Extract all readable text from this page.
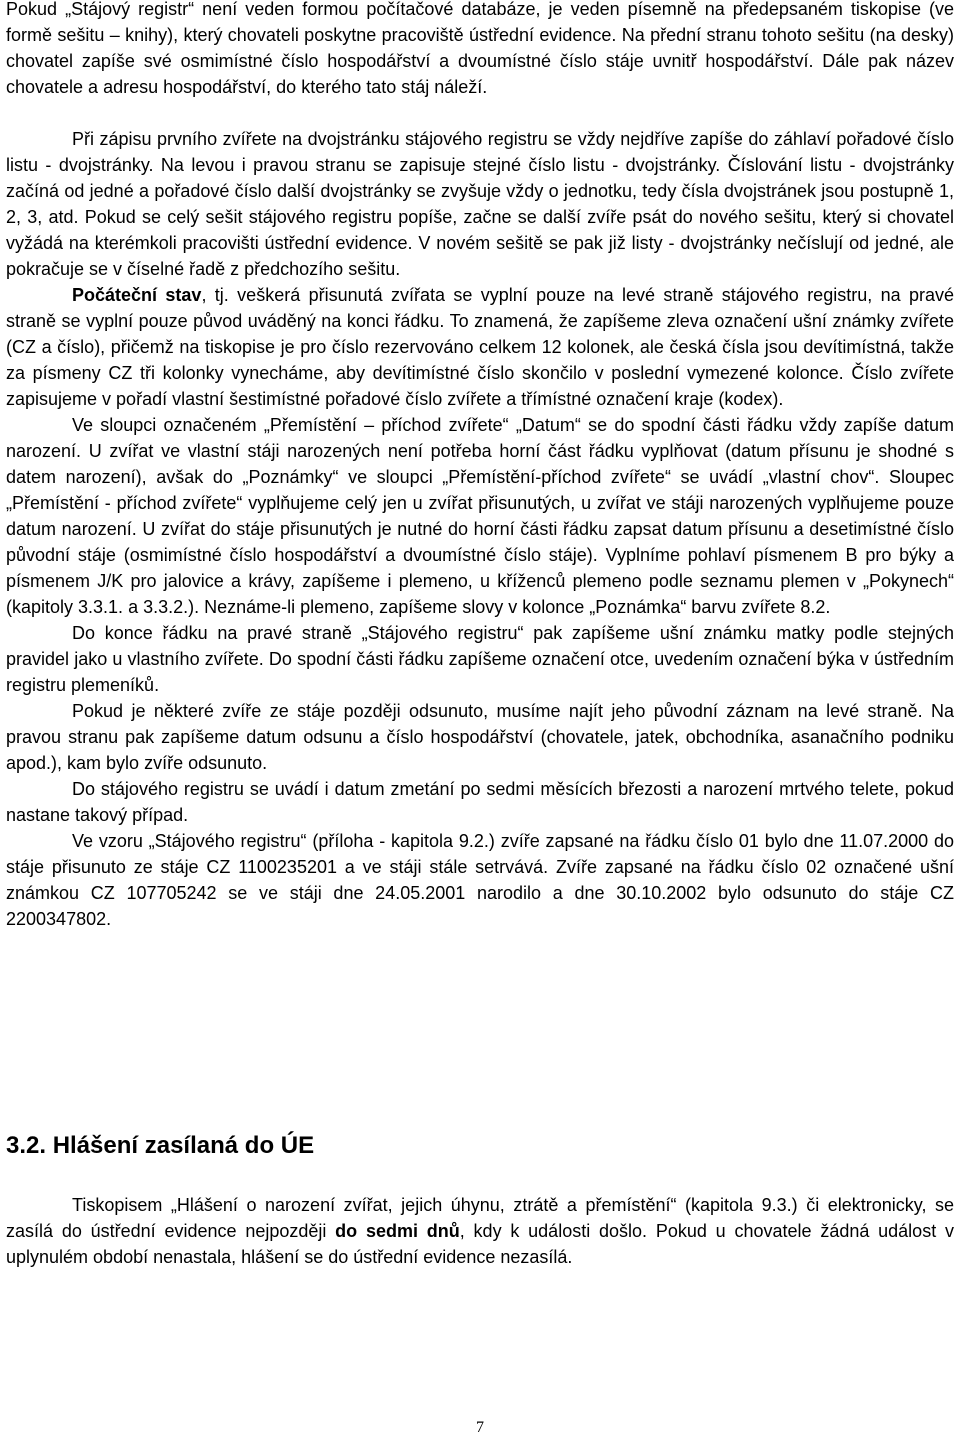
Pokud „Stájový registr“ není veden formou počítačové databáze, je veden písemně na předepsaném tiskopise (ve formě sešitu – knihy), který chovateli poskytne pracoviště ústřední evidence. Na přední stranu tohoto sešitu (na desky) chovatel zapíše své osmimístné číslo hospodářství a dvoumístné číslo stáje uvnitř hospodářství. Dále pak název chovatele a adresu hospodářství, do kterého tato stáj náleží.

Při zápisu prvního zvířete na dvojstránku stájového registru se vždy nejdříve zapíše do záhlaví pořadové číslo listu - dvojstránky. Na levou i pravou stranu se zapisuje stejné číslo listu - dvojstránky. Číslování listu - dvojstránky začíná od jedné a pořadové číslo další dvojstránky se zvyšuje vždy o jednotku, tedy čísla dvojstránek jsou postupně 1, 2, 3, atd. Pokud se celý sešit stájového registru popíše, začne se další zvíře psát do nového sešitu, který si chovatel vyžádá na kterémkoli pracovišti ústřední evidence. V novém sešitě se pak již listy - dvojstránky nečíslují od jedné, ale pokračuje se v číselné řadě z předchozího sešitu.

Počáteční stav, tj. veškerá přisunutá zvířata se vyplní pouze na levé straně stájového registru, na pravé straně se vyplní pouze původ uváděný na konci řádku. To znamená, že zapíšeme zleva označení ušní známky zvířete (CZ a číslo), přičemž na tiskopise je pro číslo rezervováno celkem 12 kolonek, ale česká čísla jsou devítimístná, takže za písmeny CZ tři kolonky vynecháme, aby devítimístné číslo skončilo v poslední vymezené kolonce. Číslo zvířete zapisujeme v pořadí vlastní šestimístné pořadové číslo zvířete a třímístné označení kraje (kodex).

Ve sloupci označeném „Přemístění – příchod zvířete“ „Datum“ se do spodní části řádku vždy zapíše datum narození. U zvířat ve vlastní stáji narozených není potřeba horní část řádku vyplňovat (datum přísunu je shodné s datem narození), avšak do „Poznámky“ ve sloupci „Přemístění-příchod zvířete“ se uvádí „vlastní chov“. Sloupec „Přemístění - příchod zvířete“ vyplňujeme celý jen u zvířat přisunutých, u zvířat ve stáji narozených vyplňujeme pouze datum narození. U zvířat do stáje přisunutých je nutné do horní části řádku zapsat datum přísunu a desetimístné číslo původní stáje (osmimístné číslo hospodářství a dvoumístné číslo stáje). Vyplníme pohlaví písmenem B pro býky a písmenem J/K pro jalovice a krávy, zapíšeme i plemeno, u kříženců plemeno podle seznamu plemen v „Pokynech“ (kapitoly 3.3.1. a 3.3.2.). Neznáme-li plemeno, zapíšeme slovy v kolonce „Poznámka“ barvu zvířete 8.2.

Do konce řádku na pravé straně „Stájového registru“ pak zapíšeme ušní známku matky podle stejných pravidel jako u vlastního zvířete. Do spodní části řádku zapíšeme označení otce, uvedením označení býka v ústředním registru plemeníků.

Pokud je některé zvíře ze stáje později odsunuto, musíme najít jeho původní záznam na levé straně. Na pravou stranu pak zapíšeme datum odsunu a číslo hospodářství (chovatele, jatek, obchodníka, asanačního podniku apod.), kam bylo zvíře odsunuto.

Do stájového registru se uvádí i datum zmetání po sedmi měsících březosti a narození mrtvého telete, pokud nastane takový případ.

Ve vzoru „Stájového registru“ (příloha - kapitola 9.2.) zvíře zapsané na řádku číslo 01 bylo dne 11.07.2000 do stáje přisunuto ze stáje CZ 1100235201 a ve stáji stále setrvává. Zvíře zapsané na řádku číslo 02 označené ušní známkou CZ 107705242 se ve stáji dne 24.05.2001 narodilo a dne 30.10.2002 bylo odsunuto do stáje CZ 2200347802.

3.2. Hlášení zasílaná do ÚE

Tiskopisem „Hlášení o narození zvířat, jejich úhynu, ztrátě a přemístění“ (kapitola 9.3.) či elektronicky, se zasílá do ústřední evidence nejpozději do sedmi dnů, kdy k události došlo. Pokud u chovatele žádná událost v uplynulém období nenastala, hlášení se do ústřední evidence nezasílá.

7
